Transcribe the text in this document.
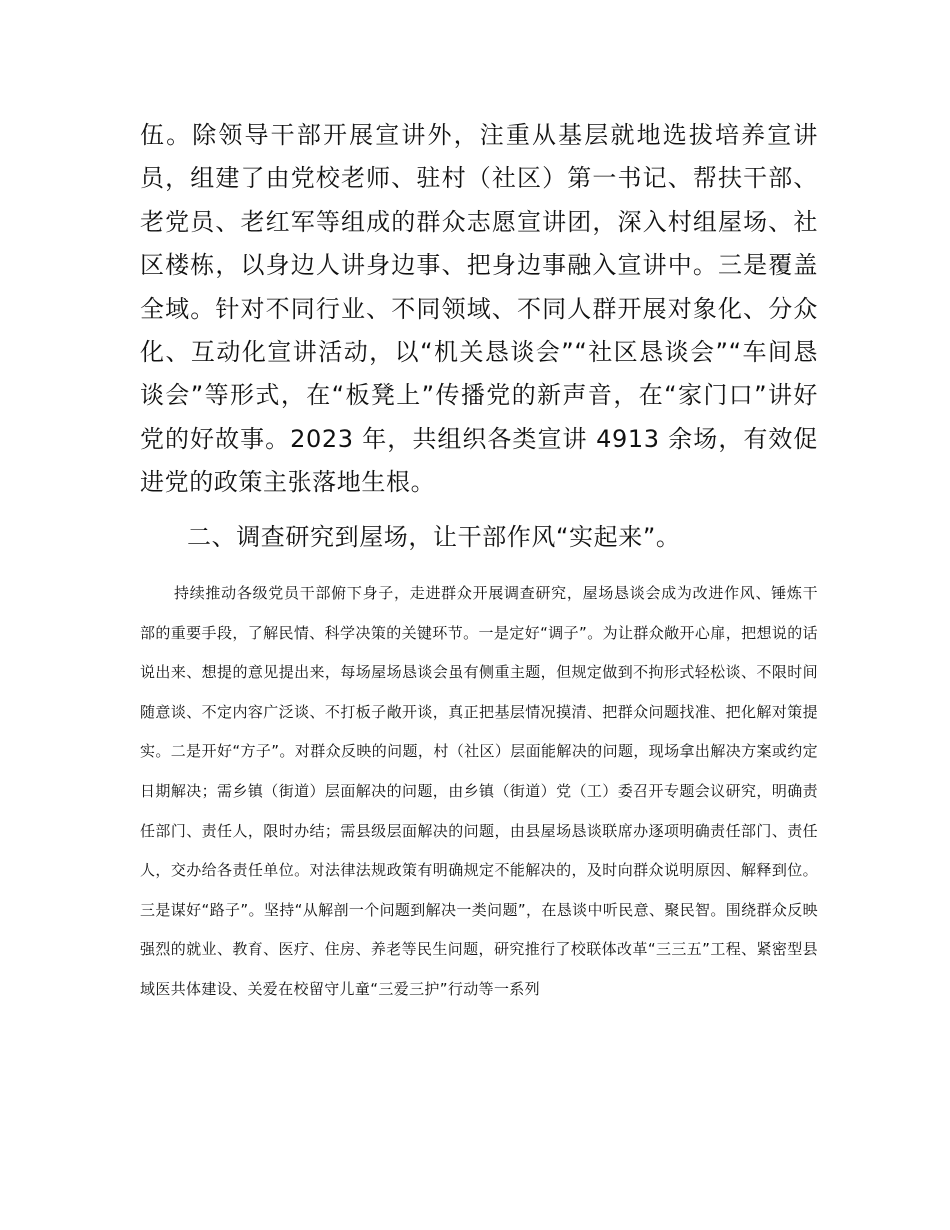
伍。除领导干部开展宣讲外，注重从基层就地选拔培养宣讲员，组建了由党校老师、驻村（社区）第一书记、帮扶干部、老党员、老红军等组成的群众志愿宣讲团，深入村组屋场、社区楼栋，以身边人讲身边事、把身边事融入宣讲中。三是覆盖全域。针对不同行业、不同领域、不同人群开展对象化、分众化、互动化宣讲活动，以“机关恳谈会”“社区恳谈会”“车间恳谈会”等形式，在“板凳上”传播党的新声音，在“家门口”讲好党的好故事。2023 年，共组织各类宣讲 4913 余场，有效促进党的政策主张落地生根。

二、调查研究到屋场，让干部作风“实起来”。

持续推动各级党员干部俯下身子，走进群众开展调查研究，屋场恳谈会成为改进作风、锤炼干部的重要手段，了解民情、科学决策的关键环节。一是定好“调子”。为让群众敞开心扉，把想说的话说出来、想提的意见提出来，每场屋场恳谈会虽有侧重主题，但规定做到不拘形式轻松谈、不限时间随意谈、不定内容广泛谈、不打板子敞开谈，真正把基层情况摸清、把群众问题找准、把化解对策提实。二是开好“方子”。对群众反映的问题，村（社区）层面能解决的问题，现场拿出解决方案或约定日期解决；需乡镇（街道）层面解决的问题，由乡镇（街道）党（工）委召开专题会议研究，明确责任部门、责任人，限时办结；需县级层面解决的问题，由县屋场恳谈联席办逐项明确责任部门、责任人，交办给各责任单位。对法律法规政策有明确规定不能解决的，及时向群众说明原因、解释到位。三是谋好“路子”。坚持“从解剖一个问题到解决一类问题”，在恳谈中听民意、聚民智。围绕群众反映强烈的就业、教育、医疗、住房、养老等民生问题，研究推行了校联体改革“三三五”工程、紧密型县域医共体建设、关爱在校留守儿童“三爱三护”行动等一系列
